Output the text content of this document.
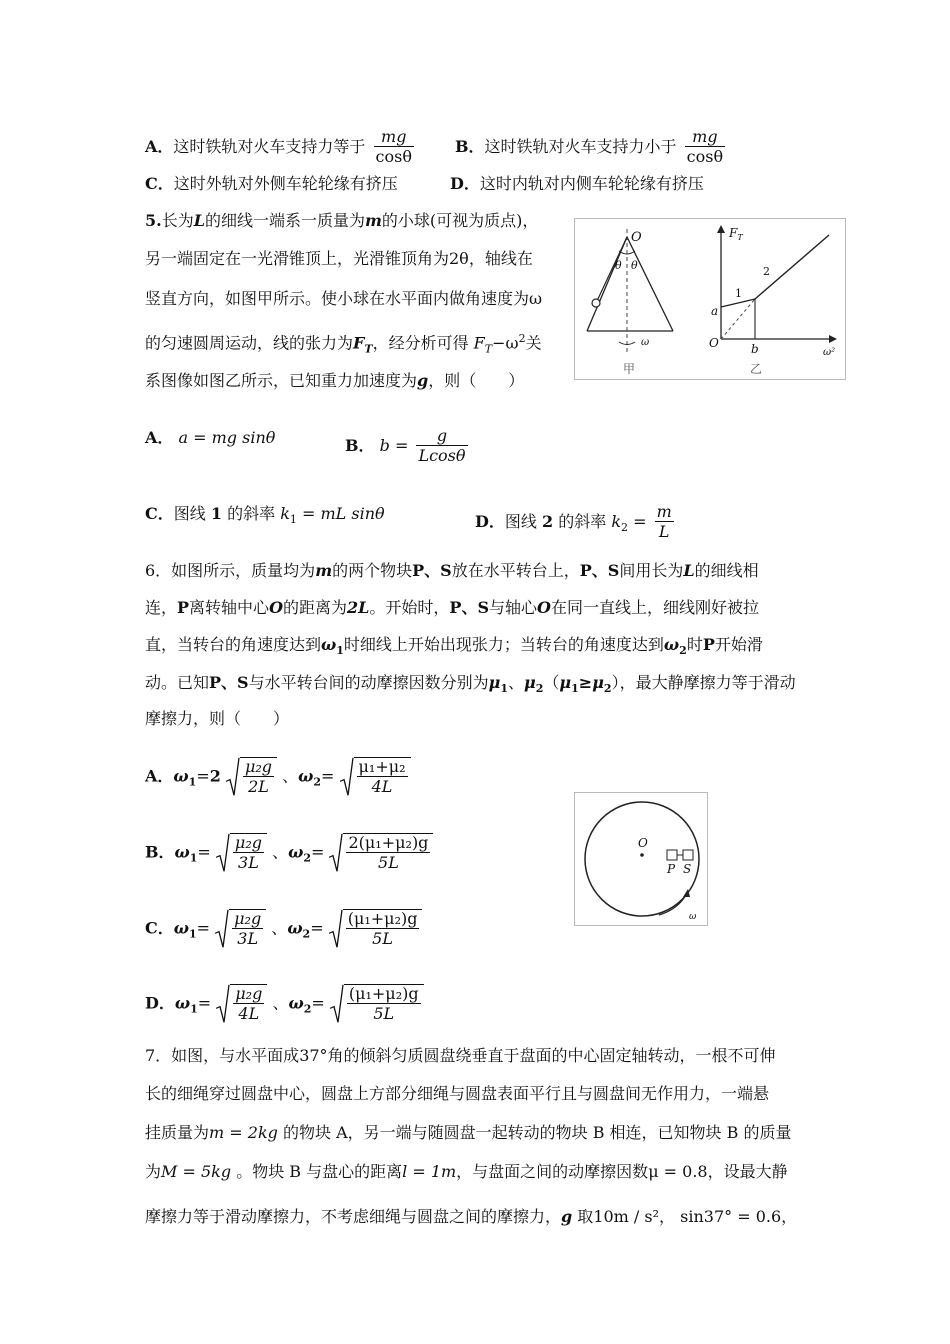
A．这时铁轨对火车支持力等于 $\frac{mg}{\cos\theta}$	B．这时铁轨对火车支持力小于 $\frac{mg}{\cos\theta}$
C．这时外轨对外侧车轮轮缘有挤压	D．这时内轨对内侧车轮轮缘有挤压
5.长为L的细线一端系一质量为m的小球(可视为质点)，
另一端固定在一光滑锥顶上，光滑锥顶角为2θ，轴线在
竖直方向，如图甲所示。使小球在水平面内做角速度为ω
的匀速圆周运动，线的张力为$F_T$，经分析可得 $F_T-\omega^2$关
系图像如图乙所示，已知重力加速度为g，则（　　）
O
θ θ
ω
甲
$F_T$
ω²
O
a
b
1
2
乙
A． a = mg sinθ	B． $b = \frac{g}{Lcos\theta}$
C．图线 1 的斜率 $k_1$ = mL sinθ	D．图线 2 的斜率 $k_2 = \frac{m}{L}$
6．如图所示，质量均为m的两个物块P、S放在水平转台上，P、S间用长为L的细线相
连，P离转轴中心O的距离为2L。开始时，P、S与轴心O在同一直线上，细线刚好被拉
直，当转台的角速度达到$\omega_1$时细线上开始出现张力；当转台的角速度达到$\omega_2$时P开始滑
动。已知P、S与水平转台间的动摩擦因数分别为$\mu_1$、$\mu_2(\mu_1\ge\mu_2)$，最大静摩擦力等于滑动
摩擦力，则（　　）
A．$\omega_1=2 \frac{\text{μ₂g}}{2L}$ 、$\omega_2= \frac{\text{μ₁+μ₂}}{4L}$
B．$\omega_1= \frac{\text{μ₂g}}{3L}$ 、$\omega_2= \frac{\text{2(μ₁+μ₂)g}}{5L}$
C．$\omega_1= \frac{\text{μ₂g}}{3L}$ 、$\omega_2= \frac{\text{(μ₁+μ₂)g}}{5L}$
D．$\omega_1= \frac{\text{μ₂g}}{4L}$ 、$\omega_2= \frac{\text{(μ₁+μ₂)g}}{5L}$
O
P S
ω
7．如图，与水平面成37°角的倾斜匀质圆盘绕垂直于盘面的中心固定轴转动，一根不可伸
长的细绳穿过圆盘中心，圆盘上方部分细绳与圆盘表面平行且与圆盘间无作用力，一端悬
挂质量为m = 2kg 的物块 A，另一端与随圆盘一起转动的物块 B 相连，已知物块 B 的质量
为M = 5kg 。物块 B 与盘心的距离l = 1m，与盘面之间的动摩擦因数μ = 0.8，设最大静
摩擦力等于滑动摩擦力，不考虑细绳与圆盘之间的摩擦力，g 取10m / s²， sin37° = 0.6，
